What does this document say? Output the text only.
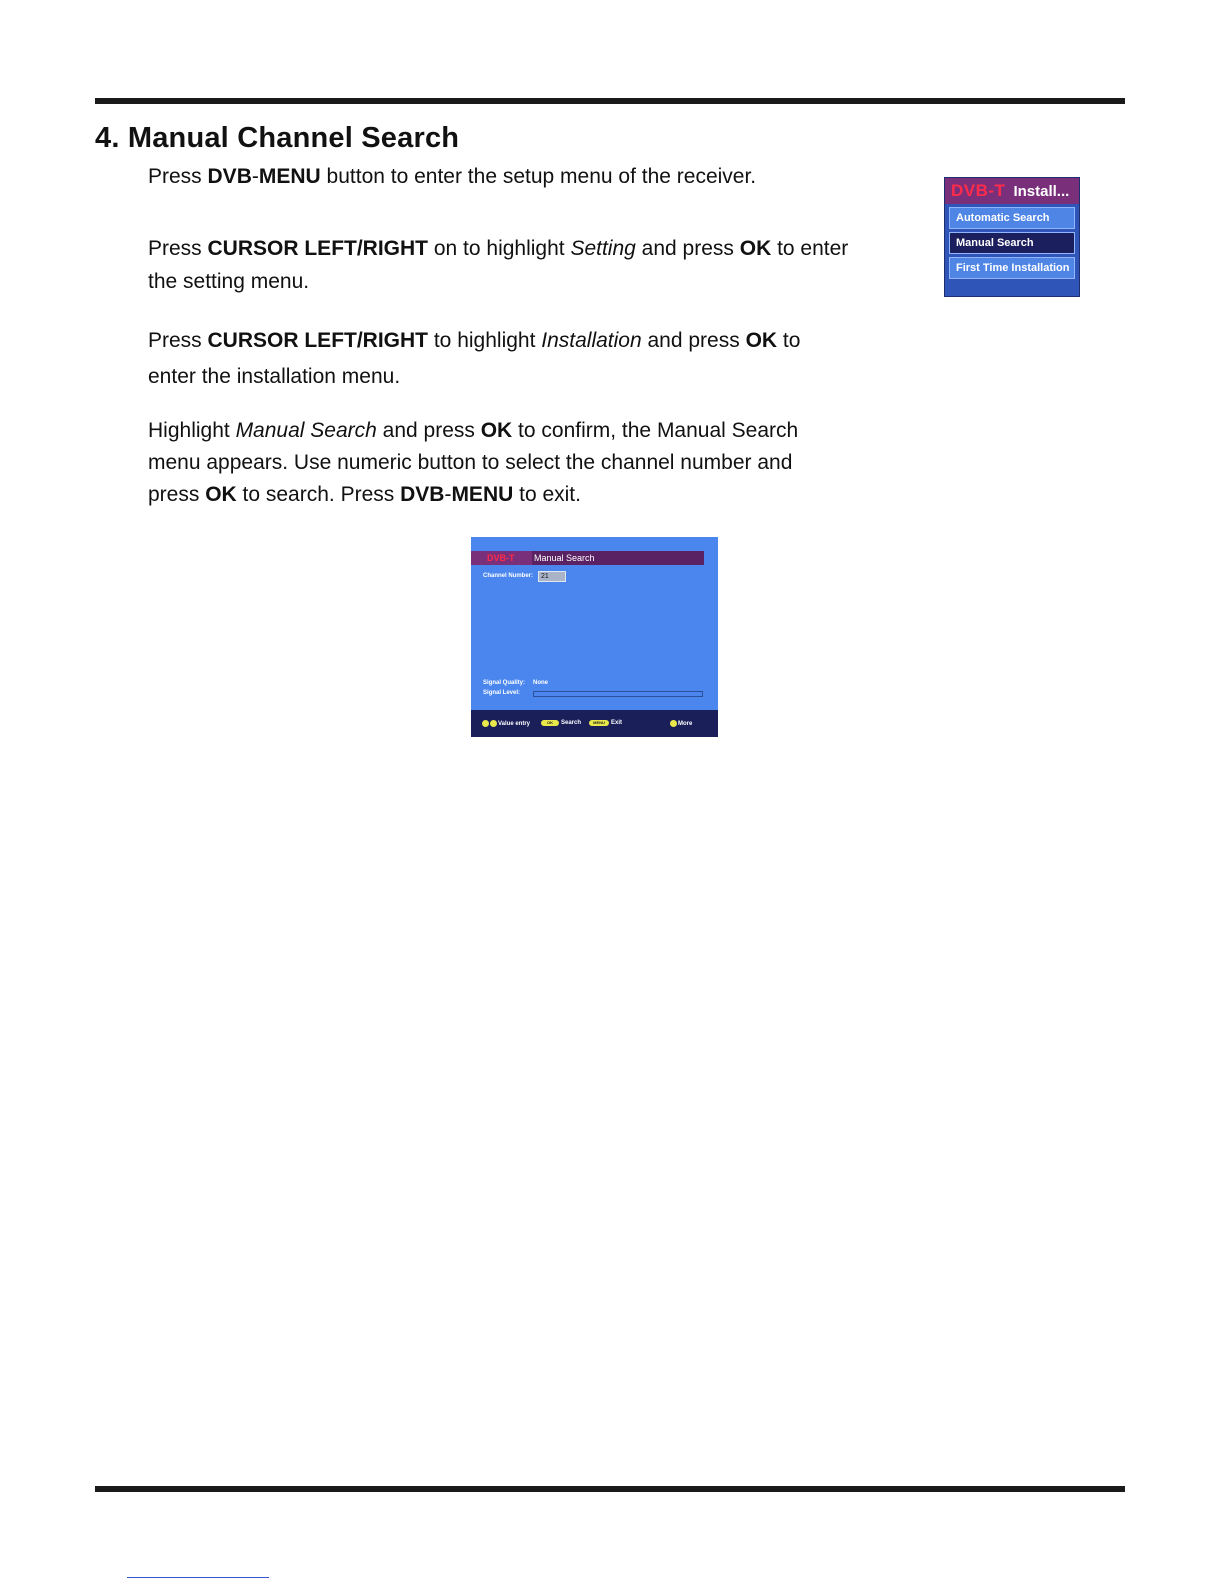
4. Manual Channel Search
Press DVB-MENU button to enter the setup menu of the receiver.
Press CURSOR LEFT/RIGHT on to highlight Setting and press OK to enter
the setting menu.
Press CURSOR LEFT/RIGHT to highlight Installation and press OK to
enter the installation menu.
Highlight Manual Search and press OK to confirm, the Manual Search
menu appears. Use numeric button to select the channel number and
press OK to search. Press DVB-MENU to exit.
DVB-T Install...
Automatic Search
Manual Search
First Time Installation
DVB-T Manual Search
Channel Number:	21
Signal Quality: None
Signal Level:
Value entry	OK	Search	MENU	Exit	More
